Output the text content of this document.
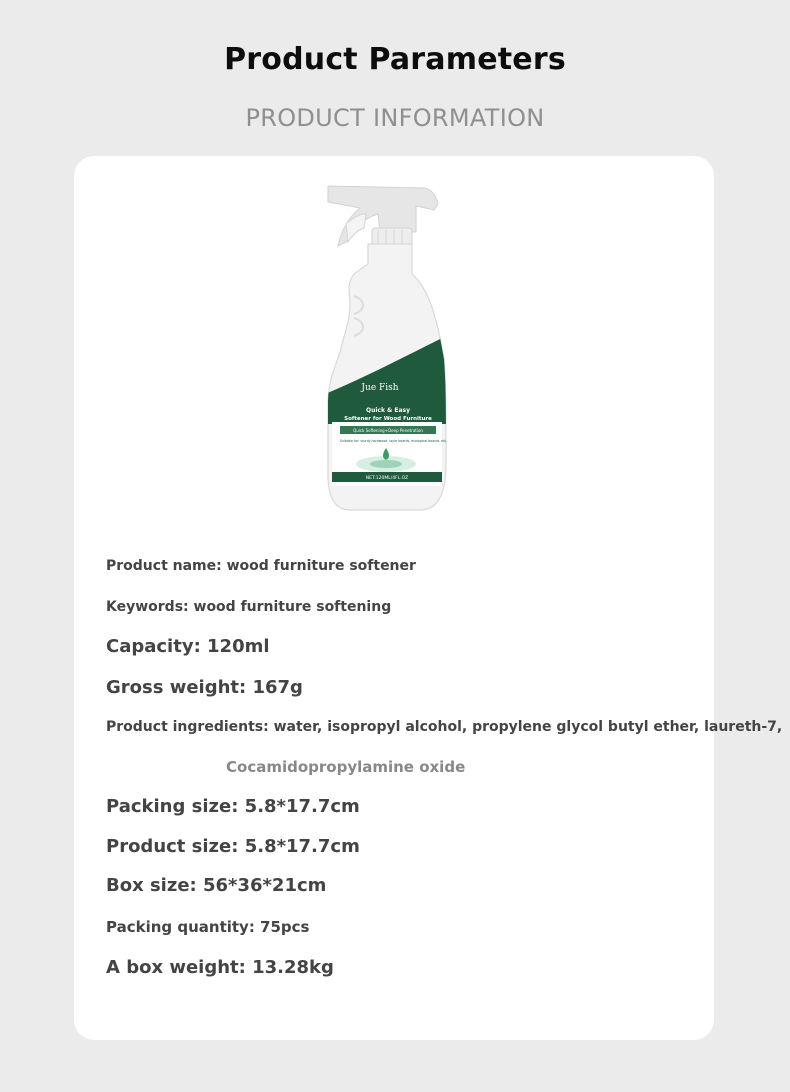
Product Parameters
PRODUCT INFORMATION
Jue Fish
Quick & Easy
Softener for Wood Furniture
Quick Softening+Deep Penetration
Suitable for: sturdy hardwood, layer boards, ecological boards, etc.
NET:120ML/4FL.OZ
Product name: wood furniture softener
Keywords: wood furniture softening
Capacity: 120ml
Gross weight: 167g
Product ingredients: water, isopropyl alcohol, propylene glycol butyl ether, laureth-7,
Cocamidopropylamine oxide
Packing size: 5.8*17.7cm
Product size: 5.8*17.7cm
Box size: 56*36*21cm
Packing quantity: 75pcs
A box weight: 13.28kg
